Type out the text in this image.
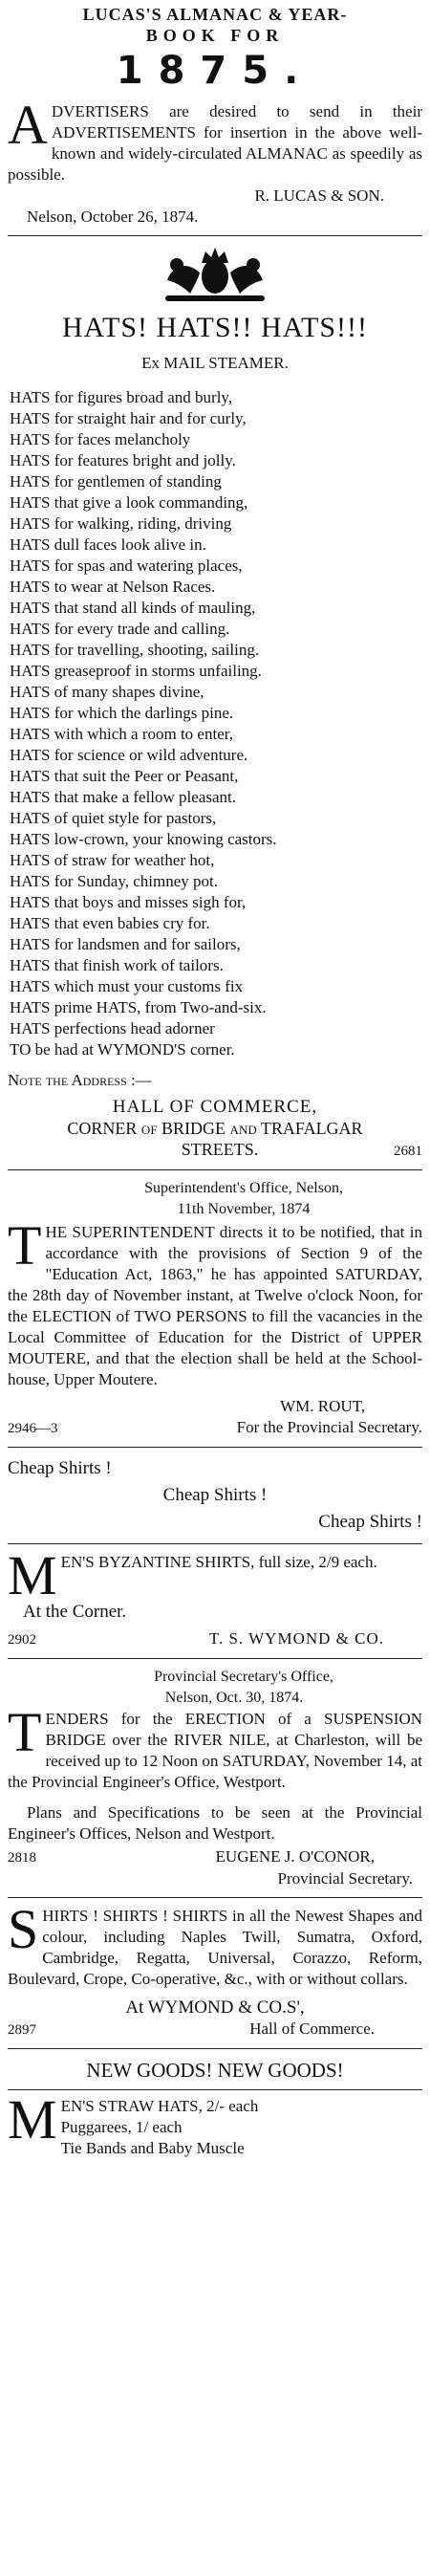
LUCAS'S ALMANAC & YEAR-
BOOK FOR
1875.
A DVERTISERS are desired to send in their ADVERTISEMENTS for insertion in the above well-known and widely-circulated ALMANAC as speedily as possible.
R. LUCAS & SON.
Nelson, October 26, 1874.
HATS! HATS!! HATS!!!
Ex MAIL STEAMER.
HATS for figures broad and burly,
HATS for straight hair and for curly,
HATS for faces melancholy
HATS for features bright and jolly.
HATS for gentlemen of standing
HATS that give a look commanding,
HATS for walking, riding, driving
HATS dull faces look alive in.
HATS for spas and watering places,
HATS to wear at Nelson Races.
HATS that stand all kinds of mauling,
HATS for every trade and calling.
HATS for travelling, shooting, sailing.
HATS greaseproof in storms unfailing.
HATS of many shapes divine,
HATS for which the darlings pine.
HATS with which a room to enter,
HATS for science or wild adventure.
HATS that suit the Peer or Peasant,
HATS that make a fellow pleasant.
HATS of quiet style for pastors,
HATS low-crown, your knowing castors.
HATS of straw for weather hot,
HATS for Sunday, chimney pot.
HATS that boys and misses sigh for,
HATS that even babies cry for.
HATS for landsmen and for sailors,
HATS that finish work of tailors.
HATS which must your customs fix
HATS prime HATS, from Two-and-six.
HATS perfections head adorner
TO be had at WYMOND'S corner.
Note the Address :—
HALL OF COMMERCE,
CORNER of BRIDGE and TRAFALGAR
STREETS.	2681
Superintendent's Office, Nelson,
11th November, 1874
T HE SUPERINTENDENT directs it to be notified, that in accordance with the provisions of Section 9 of the "Education Act, 1863," he has appointed SATURDAY, the 28th day of November instant, at Twelve o'clock Noon, for the ELECTION of TWO PERSONS to fill the vacancies in the Local Committee of Education for the District of UPPER MOUTERE, and that the election shall be held at the School-house, Upper Moutere.
WM. ROUT,
2946—3	For the Provincial Secretary.
Cheap Shirts !
Cheap Shirts !
Cheap Shirts !
M EN'S BYZANTINE SHIRTS, full size, 2/9 each.
At the Corner.
2902	T. S. WYMOND & CO.
Provincial Secretary's Office,
Nelson, Oct. 30, 1874.
T ENDERS for the ERECTION of a SUSPENSION BRIDGE over the RIVER NILE, at Charleston, will be received up to 12 Noon on SATURDAY, November 14, at the Provincial Engineer's Office, Westport.
Plans and Specifications to be seen at the Provincial Engineer's Offices, Nelson and Westport.
2818	EUGENE J. O'CONOR,
Provincial Secretary.
S HIRTS ! SHIRTS ! SHIRTS in all the Newest Shapes and colour, including Naples Twill, Sumatra, Oxford, Cambridge, Regatta, Universal, Corazzo, Reform, Boulevard, Crope, Co-operative, &c., with or without collars.
At WYMOND & CO.S',
2897	Hall of Commerce.
NEW GOODS! NEW GOODS!
M EN'S STRAW HATS, 2/- each
Puggarees, 1/ each
Tie Bands and Baby Muscle
